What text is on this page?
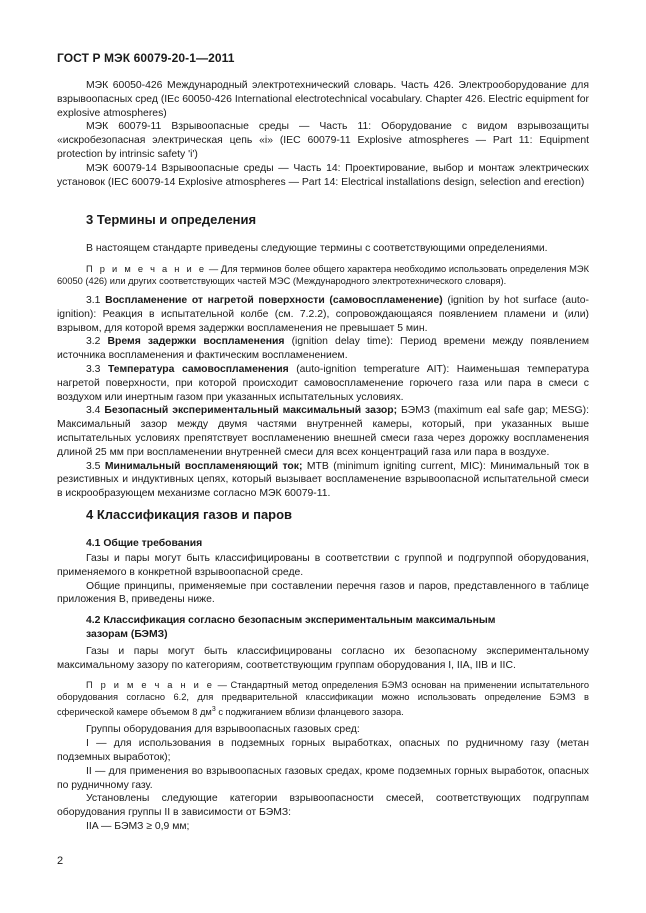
ГОСТ Р МЭК 60079-20-1—2011

МЭК 60050-426 Международный электротехнический словарь. Часть 426. Электрооборудование для взрывоопасных сред (IEc 60050-426 International electrotechnical vocabulary. Chapter 426. Electric equipment for explosive atmospheres)

МЭК 60079-11 Взрывоопасные среды — Часть 11: Оборудование с видом взрывозащиты «искробезопасная электрическая цепь «i» (IEC 60079-11 Explosive atmospheres — Part 11: Equipment protection by intrinsic safety 'i')

МЭК 60079-14 Взрывоопасные среды — Часть 14: Проектирование, выбор и монтаж электрических установок (IEC 60079-14 Explosive atmospheres — Part 14: Electrical installations design, selection and erection)

3 Термины и определения

В настоящем стандарте приведены следующие термины с соответствующими определениями.

П р и м е ч а н и е — Для терминов более общего характера необходимо использовать определения МЭК 60050 (426) или других соответствующих частей МЭС (Международного электротехнического словаря).

3.1 Воспламенение от нагретой поверхности (самовоспламенение) (ignition by hot surface (auto-ignition): Реакция в испытательной колбе (см. 7.2.2), сопровождающаяся появлением пламени и (или) взрывом, для которой время задержки воспламенения не превышает 5 мин.

3.2 Время задержки воспламенения (ignition delay time): Период времени между появлением источника воспламенения и фактическим воспламенением.

3.3 Температура самовоспламенения (auto-ignition temperature AIT): Наименьшая температура нагретой поверхности, при которой происходит самовоспламенение горючего газа или пара в смеси с воздухом или инертным газом при указанных испытательных условиях.

3.4 Безопасный экспериментальный максимальный зазор; БЭМЗ (maximum eal safe gap; MESG): Максимальный зазор между двумя частями внутренней камеры, который, при указанных выше испытательных условиях препятствует воспламенению внешней смеси газа через дорожку воспламенения длиной 25 мм при воспламенении внутренней смеси для всех концентраций газа или пара в воздухе.

3.5 Минимальный воспламеняющий ток; МТВ (minimum igniting current, MIC): Минимальный ток в резистивных и индуктивных цепях, который вызывает воспламенение взрывоопасной испытательной смеси в искрообразующем механизме согласно МЭК 60079-11.

4 Классификация газов и паров
4.1 Общие требования

Газы и пары могут быть классифицированы в соответствии с группой и подгруппой оборудования, применяемого в конкретной взрывоопасной среде.

Общие принципы, применяемые при составлении перечня газов и паров, представленного в таблице приложения В, приведены ниже.

4.2 Классификация согласно безопасным экспериментальным максимальным зазорам (БЭМЗ)

Газы и пары могут быть классифицированы согласно их безопасному экспериментальному максимальному зазору по категориям, соответствующим группам оборудования I, IIA, IIB и IIC.

П р и м е ч а н и е — Стандартный метод определения БЭМЗ основан на применении испытательного оборудования согласно 6.2, для предварительной классификации можно использовать определение БЭМЗ в сферической камере объемом 8 $дм^3$ с поджиганием вблизи фланцевого зазора.

Группы оборудования для взрывоопасных газовых сред:

I — для использования в подземных горных выработках, опасных по рудничному газу (метан подземных выработок);

II — для применения во взрывоопасных газовых средах, кроме подземных горных выработок, опасных по рудничному газу.

Установлены следующие категории взрывоопасности смесей, соответствующих подгруппам оборудования группы II в зависимости от БЭМЗ:

IIA — БЭМЗ ≥ 0,9 мм;

2
